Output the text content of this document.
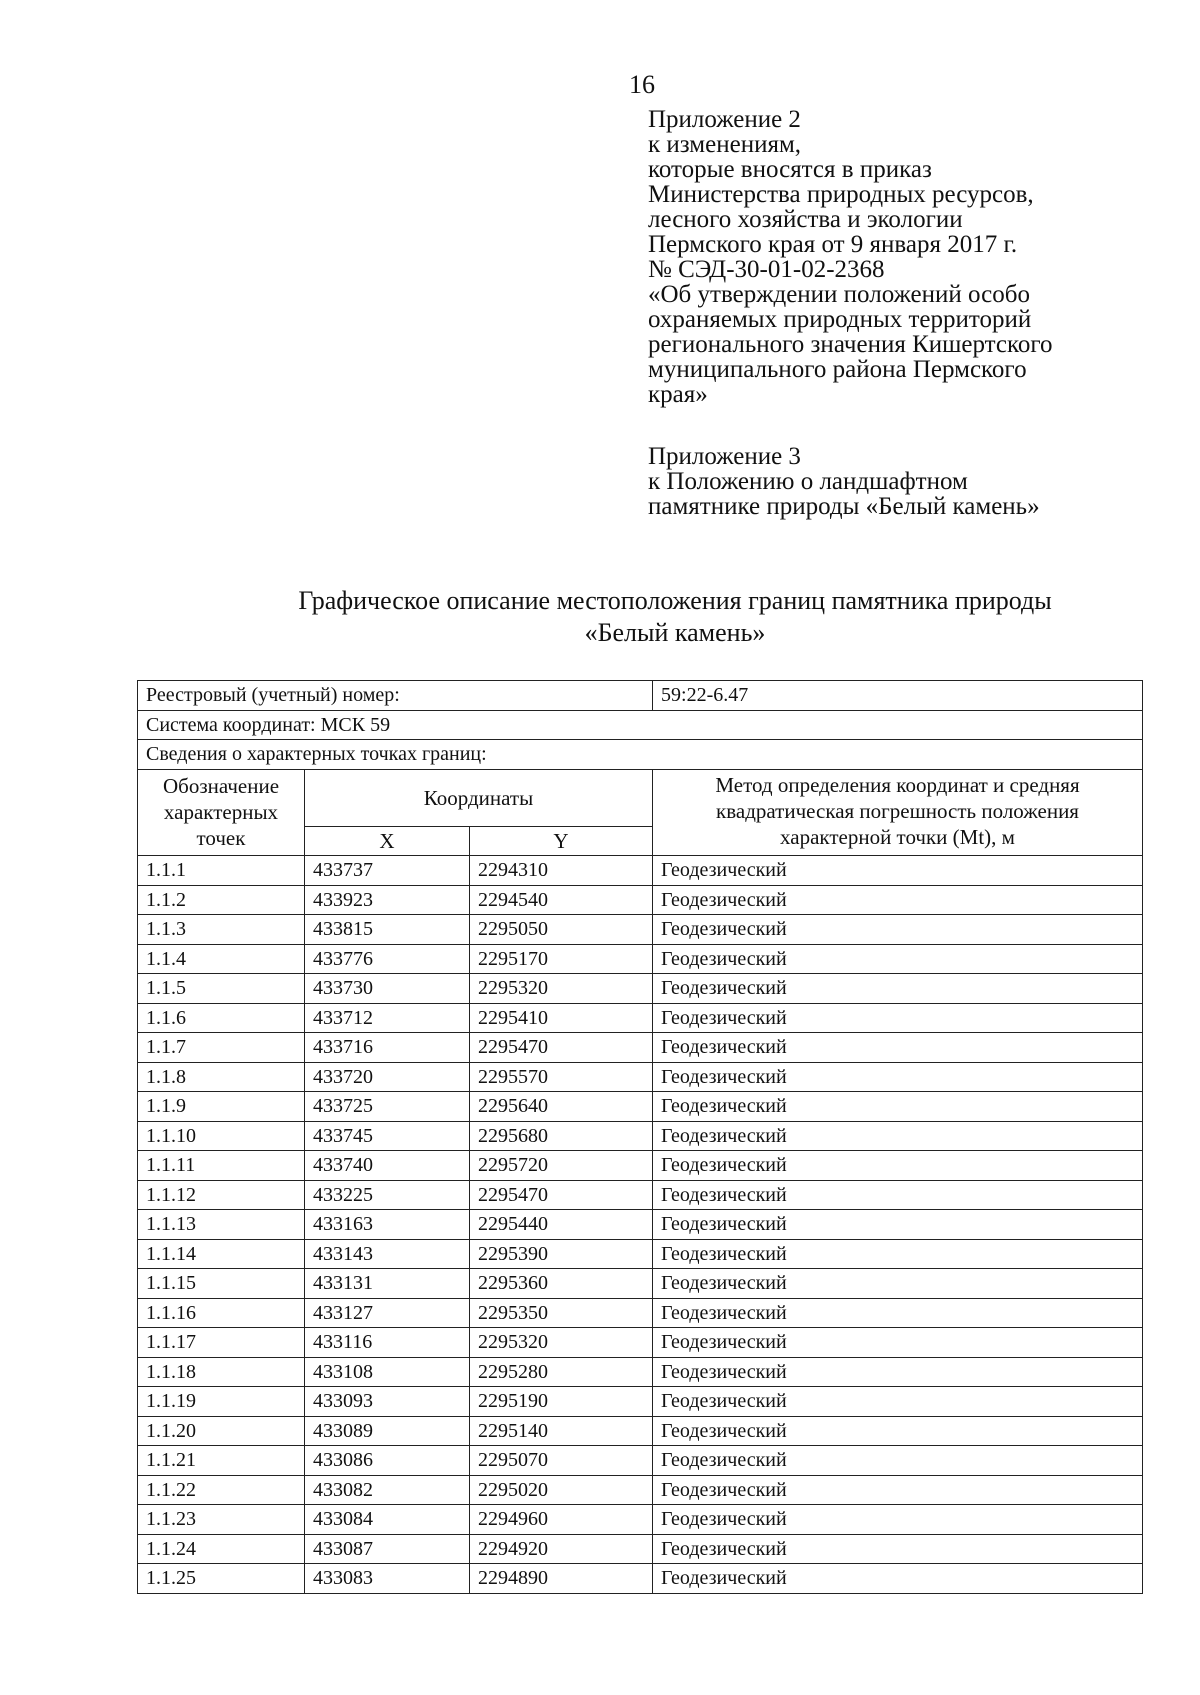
16
Приложение 2
к изменениям,
которые вносятся в приказ
Министерства природных ресурсов,
лесного хозяйства и экологии
Пермского края от 9 января 2017 г.
№ СЭД-30-01-02-2368
«Об утверждении положений особо
охраняемых природных территорий
регионального значения Кишертского
муниципального района Пермского
края»
Приложение 3
к Положению о ландшафтном
памятнике природы «Белый камень»
Графическое описание местоположения границ памятника природы
«Белый камень»
Реестровый (учетный) номер:			59:22-6.47
Система координат: МСК 59			
Сведения о характерных точках границ:			
Обозначение характерных точек	Координаты		Метод определения координат и средняя квадратическая погрешность положения характерной точки (Mt), м
	X	Y	
1.1.1	433737	2294310	Геодезический
1.1.2	433923	2294540	Геодезический
1.1.3	433815	2295050	Геодезический
1.1.4	433776	2295170	Геодезический
1.1.5	433730	2295320	Геодезический
1.1.6	433712	2295410	Геодезический
1.1.7	433716	2295470	Геодезический
1.1.8	433720	2295570	Геодезический
1.1.9	433725	2295640	Геодезический
1.1.10	433745	2295680	Геодезический
1.1.11	433740	2295720	Геодезический
1.1.12	433225	2295470	Геодезический
1.1.13	433163	2295440	Геодезический
1.1.14	433143	2295390	Геодезический
1.1.15	433131	2295360	Геодезический
1.1.16	433127	2295350	Геодезический
1.1.17	433116	2295320	Геодезический
1.1.18	433108	2295280	Геодезический
1.1.19	433093	2295190	Геодезический
1.1.20	433089	2295140	Геодезический
1.1.21	433086	2295070	Геодезический
1.1.22	433082	2295020	Геодезический
1.1.23	433084	2294960	Геодезический
1.1.24	433087	2294920	Геодезический
1.1.25	433083	2294890	Геодезический
